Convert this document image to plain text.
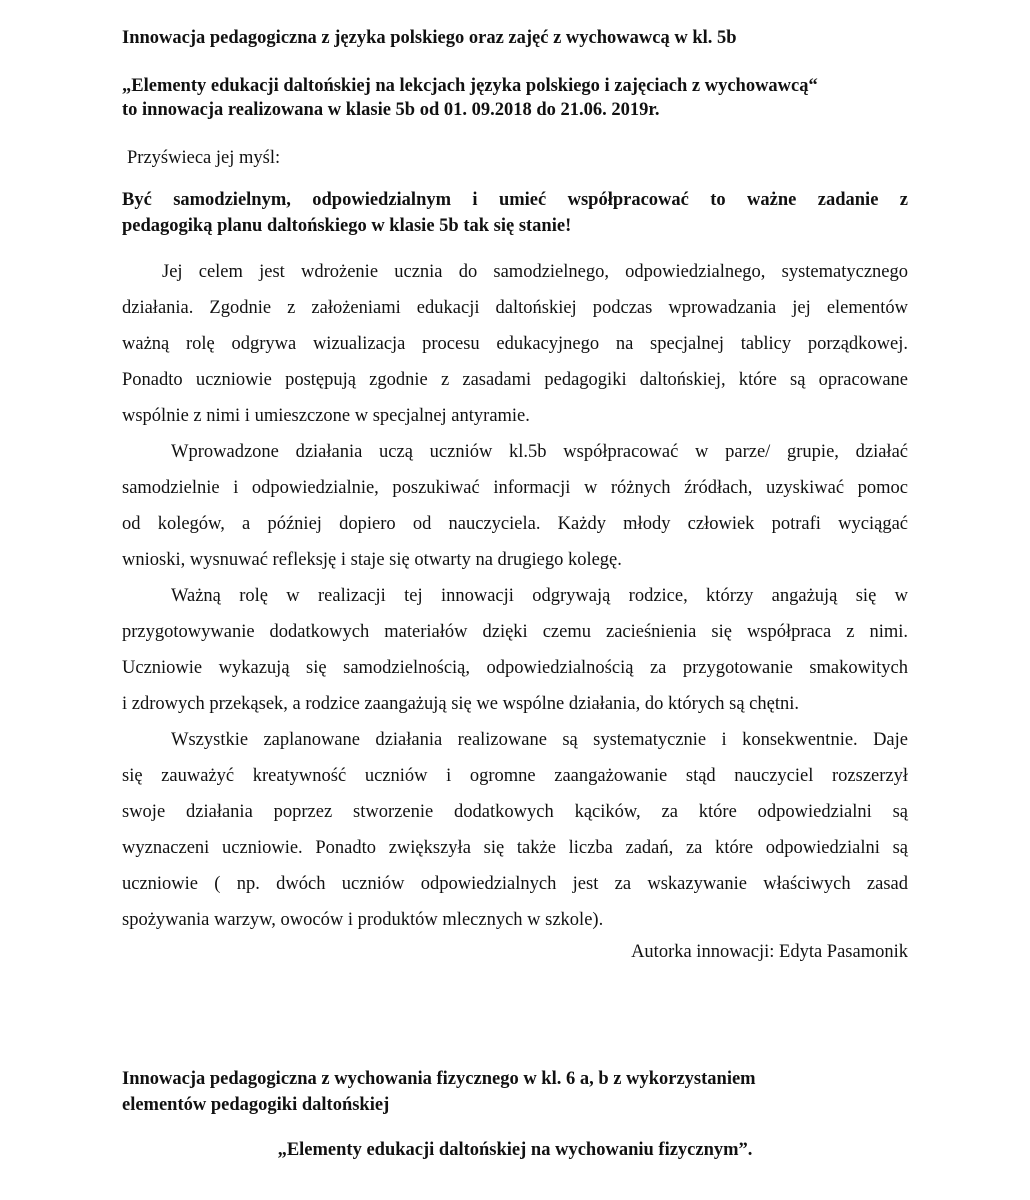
Innowacja pedagogiczna z języka polskiego oraz zajęć z wychowawcą w kl. 5b
„Elementy edukacji daltońskiej na lekcjach języka polskiego i zajęciach z wychowawcą“
to innowacja realizowana w klasie 5b od 01. 09.2018 do 21.06. 2019r.
Przyświeca jej myśl:
Być samodzielnym, odpowiedzialnym i umieć współpracować to ważne zadanie z
pedagogiką planu daltońskiego w klasie 5b tak się stanie!
Jej celem jest wdrożenie ucznia do samodzielnego, odpowiedzialnego, systematycznego
działania. Zgodnie z założeniami edukacji daltońskiej podczas wprowadzania jej elementów
ważną rolę odgrywa wizualizacja procesu edukacyjnego na specjalnej tablicy porządkowej.
Ponadto uczniowie postępują zgodnie z zasadami pedagogiki daltońskiej, które są opracowane
wspólnie z nimi i umieszczone w specjalnej antyramie.
Wprowadzone działania uczą uczniów kl.5b współpracować w parze/ grupie, działać
samodzielnie i odpowiedzialnie, poszukiwać informacji w różnych źródłach, uzyskiwać pomoc
od kolegów, a później dopiero od nauczyciela. Każdy młody człowiek potrafi wyciągać
wnioski, wysnuwać refleksję i staje się otwarty na drugiego kolegę.
Ważną rolę w realizacji tej innowacji odgrywają rodzice, którzy angażują się w
przygotowywanie dodatkowych materiałów dzięki czemu zacieśnienia się współpraca z nimi.
Uczniowie wykazują się samodzielnością, odpowiedzialnością za przygotowanie smakowitych
i zdrowych przekąsek, a rodzice zaangażują się we wspólne działania, do których są chętni.
Wszystkie zaplanowane działania realizowane są systematycznie i konsekwentnie. Daje
się zauważyć kreatywność uczniów i ogromne zaangażowanie stąd nauczyciel rozszerzył
swoje działania poprzez stworzenie dodatkowych kącików, za które odpowiedzialni są
wyznaczeni uczniowie. Ponadto zwiększyła się także liczba zadań, za które odpowiedzialni są
uczniowie ( np. dwóch uczniów odpowiedzialnych jest za wskazywanie właściwych zasad
spożywania warzyw, owoców i produktów mlecznych w szkole).
Autorka innowacji: Edyta Pasamonik
Innowacja pedagogiczna z wychowania fizycznego w kl. 6 a, b z wykorzystaniem
elementów pedagogiki daltońskiej
„Elementy edukacji daltońskiej na wychowaniu fizycznym”.
